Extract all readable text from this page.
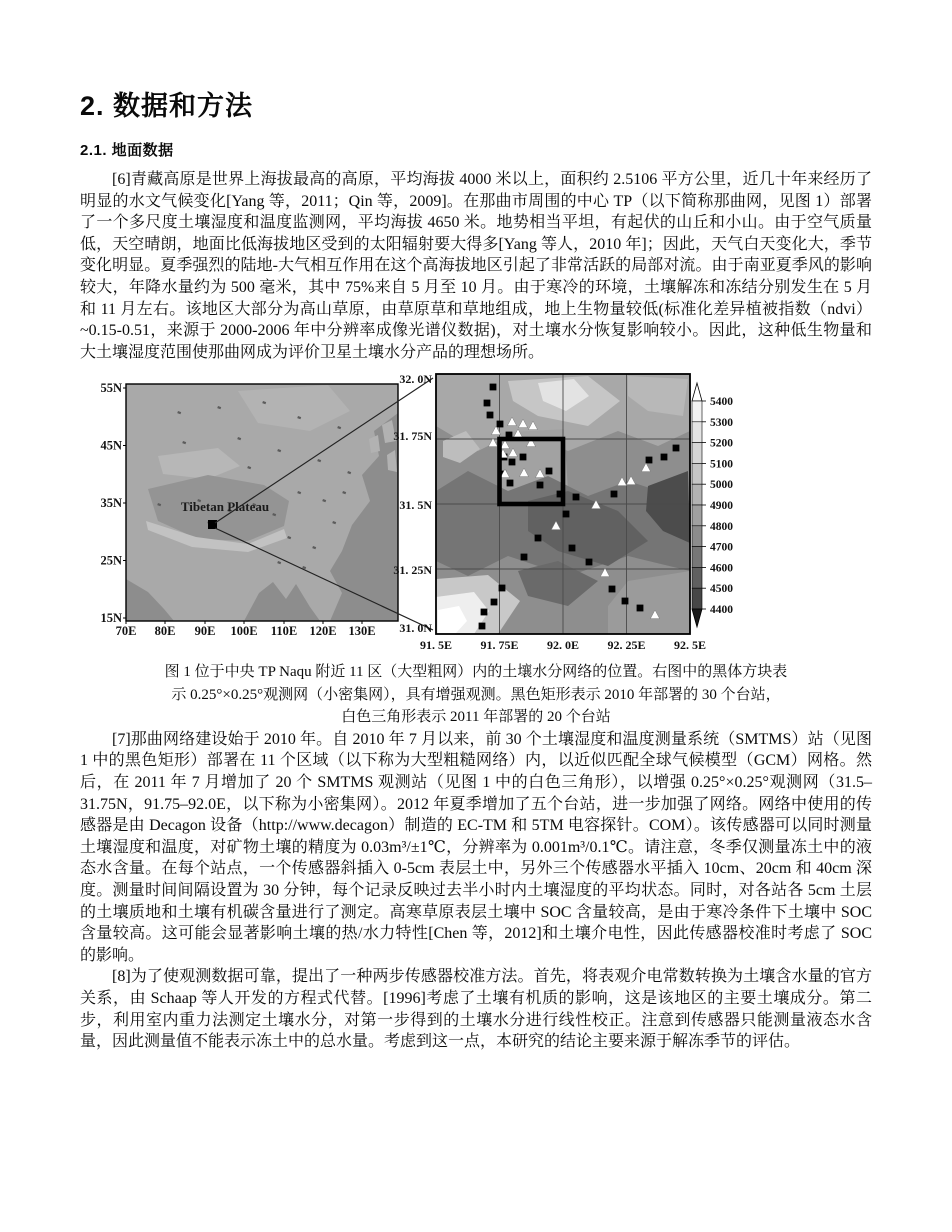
2. 数据和方法
2.1. 地面数据

[6]青藏高原是世界上海拔最高的高原，平均海拔 4000 米以上，面积约 2.5106 平方公里，近几十年来经历了明显的水文气候变化[Yang 等，2011；Qin 等，2009]。在那曲市周围的中心 TP（以下简称那曲网，见图 1）部署了一个多尺度土壤湿度和温度监测网，平均海拔 4650 米。地势相当平坦，有起伏的山丘和小山。由于空气质量低，天空晴朗，地面比低海拔地区受到的太阳辐射要大得多[Yang 等人，2010 年]；因此，天气白天变化大，季节变化明显。夏季强烈的陆地-大气相互作用在这个高海拔地区引起了非常活跃的局部对流。由于南亚夏季风的影响较大，年降水量约为 500 毫米，其中 75%来自 5 月至 10 月。由于寒冷的环境，土壤解冻和冻结分别发生在 5 月和 11 月左右。该地区大部分为高山草原，由草原草和草地组成，地上生物量较低(标准化差异植被指数（ndvi）~0.15-0.51，来源于 2000-2006 年中分辨率成像光谱仪数据)，对土壤水分恢复影响较小。因此，这种低生物量和大土壤湿度范围使那曲网成为评价卫星土壤水分产品的理想场所。

55N
45N
35N
25N
15N
70E 80E 90E 100E 110E 120E 130E
Tibetan Plateau
32. 0N
31. 75N
31. 5N
31. 25N
31. 0N
91. 5E 91. 75E 92. 0E 92. 25E 92. 5E
5400
5300
5200
5100
5000
4900
4800
4700
4600
4500
4400
图 1 位于中央 TP Naqu 附近 11 区（大型粗网）内的土壤水分网络的位置。右图中的黑体方块表
示 0.25°×0.25°观测网（小密集网），具有增强观测。黑色矩形表示 2010 年部署的 30 个台站，
白色三角形表示 2011 年部署的 20 个台站

[7]那曲网络建设始于 2010 年。自 2010 年 7 月以来，前 30 个土壤湿度和温度测量系统（SMTMS）站（见图 1 中的黑色矩形）部署在 11 个区域（以下称为大型粗糙网络）内，以近似匹配全球气候模型（GCM）网格。然后，在 2011 年 7 月增加了 20 个 SMTMS 观测站（见图 1 中的白色三角形），以增强 0.25°×0.25°观测网（31.5–31.75N，91.75–92.0E，以下称为小密集网）。2012 年夏季增加了五个台站，进一步加强了网络。网络中使用的传感器是由 Decagon 设备（http://www.decagon）制造的 EC-TM 和 5TM 电容探针。COM）。该传感器可以同时测量土壤湿度和温度，对矿物土壤的精度为 0.03m³/±1℃，分辨率为 0.001m³/0.1℃。请注意，冬季仅测量冻土中的液态水含量。在每个站点，一个传感器斜插入 0-5cm 表层土中，另外三个传感器水平插入 10cm、20cm 和 40cm 深度。测量时间间隔设置为 30 分钟，每个记录反映过去半小时内土壤湿度的平均状态。同时，对各站各 5cm 土层的土壤质地和土壤有机碳含量进行了测定。高寒草原表层土壤中 SOC 含量较高，是由于寒冷条件下土壤中 SOC 含量较高。这可能会显著影响土壤的热/水力特性[Chen 等，2012]和土壤介电性，因此传感器校准时考虑了 SOC 的影响。

[8]为了使观测数据可靠，提出了一种两步传感器校准方法。首先，将表观介电常数转换为土壤含水量的官方关系，由 Schaap 等人开发的方程式代替。[1996]考虑了土壤有机质的影响，这是该地区的主要土壤成分。第二步，利用室内重力法测定土壤水分，对第一步得到的土壤水分进行线性校正。注意到传感器只能测量液态水含量，因此测量值不能表示冻土中的总水量。考虑到这一点，本研究的结论主要来源于解冻季节的评估。
